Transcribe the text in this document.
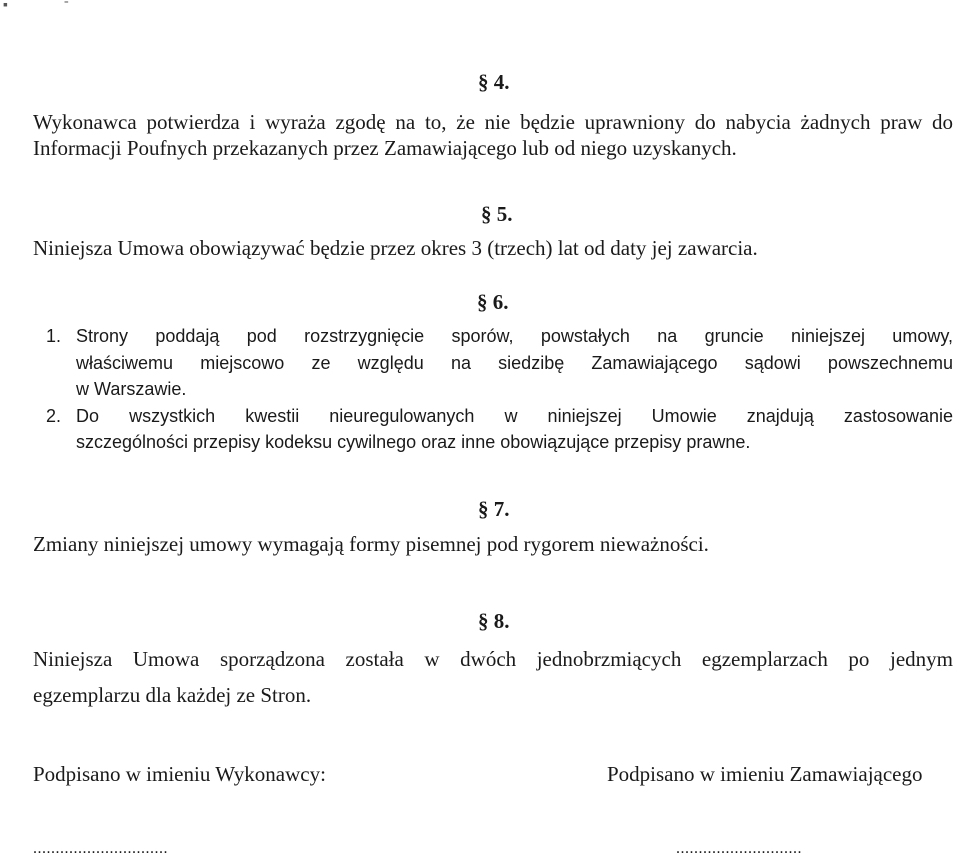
▪	-
§ 4.
Wykonawca potwierdza i wyraża zgodę na to, że nie będzie uprawniony do nabycia żadnych praw do
Informacji Poufnych przekazanych przez Zamawiającego lub od niego uzyskanych.
§ 5.
Niniejsza Umowa obowiązywać będzie przez okres 3 (trzech) lat od daty jej zawarcia.
§ 6.
1. Strony poddają pod rozstrzygnięcie sporów, powstałych na gruncie niniejszej umowy,
właściwemu miejscowo ze względu na siedzibę Zamawiającego sądowi powszechnemu
w Warszawie.
2. Do wszystkich kwestii nieuregulowanych w niniejszej Umowie znajdują zastosowanie
szczególności przepisy kodeksu cywilnego oraz inne obowiązujące przepisy prawne.
§ 7.
Zmiany niniejszej umowy wymagają formy pisemnej pod rygorem nieważności.
§ 8.
Niniejsza Umowa sporządzona została w dwóch jednobrzmiących egzemplarzach po jednym
egzemplarzu dla każdej ze Stron.
Podpisano w imieniu Wykonawcy:	Podpisano w imieniu Zamawiającego
..............................	............................
